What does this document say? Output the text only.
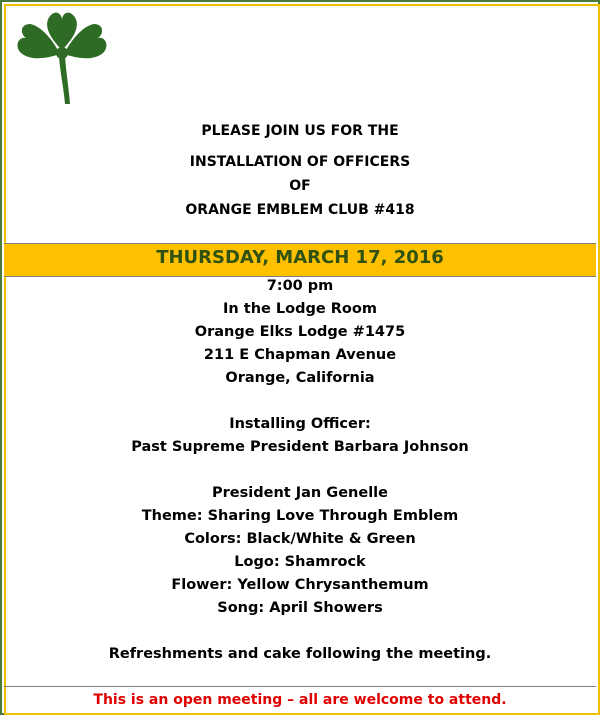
PLEASE JOIN US FOR THE
INSTALLATION OF OFFICERS
OF
ORANGE EMBLEM CLUB #418
THURSDAY, MARCH 17, 2016
7:00 pm
In the Lodge Room
Orange Elks Lodge #1475
211 E Chapman Avenue
Orange, California
Installing Officer:
Past Supreme President Barbara Johnson
President Jan Genelle
Theme: Sharing Love Through Emblem
Colors: Black/White & Green
Logo: Shamrock
Flower: Yellow Chrysanthemum
Song: April Showers
Refreshments and cake following the meeting.
This is an open meeting – all are welcome to attend.
